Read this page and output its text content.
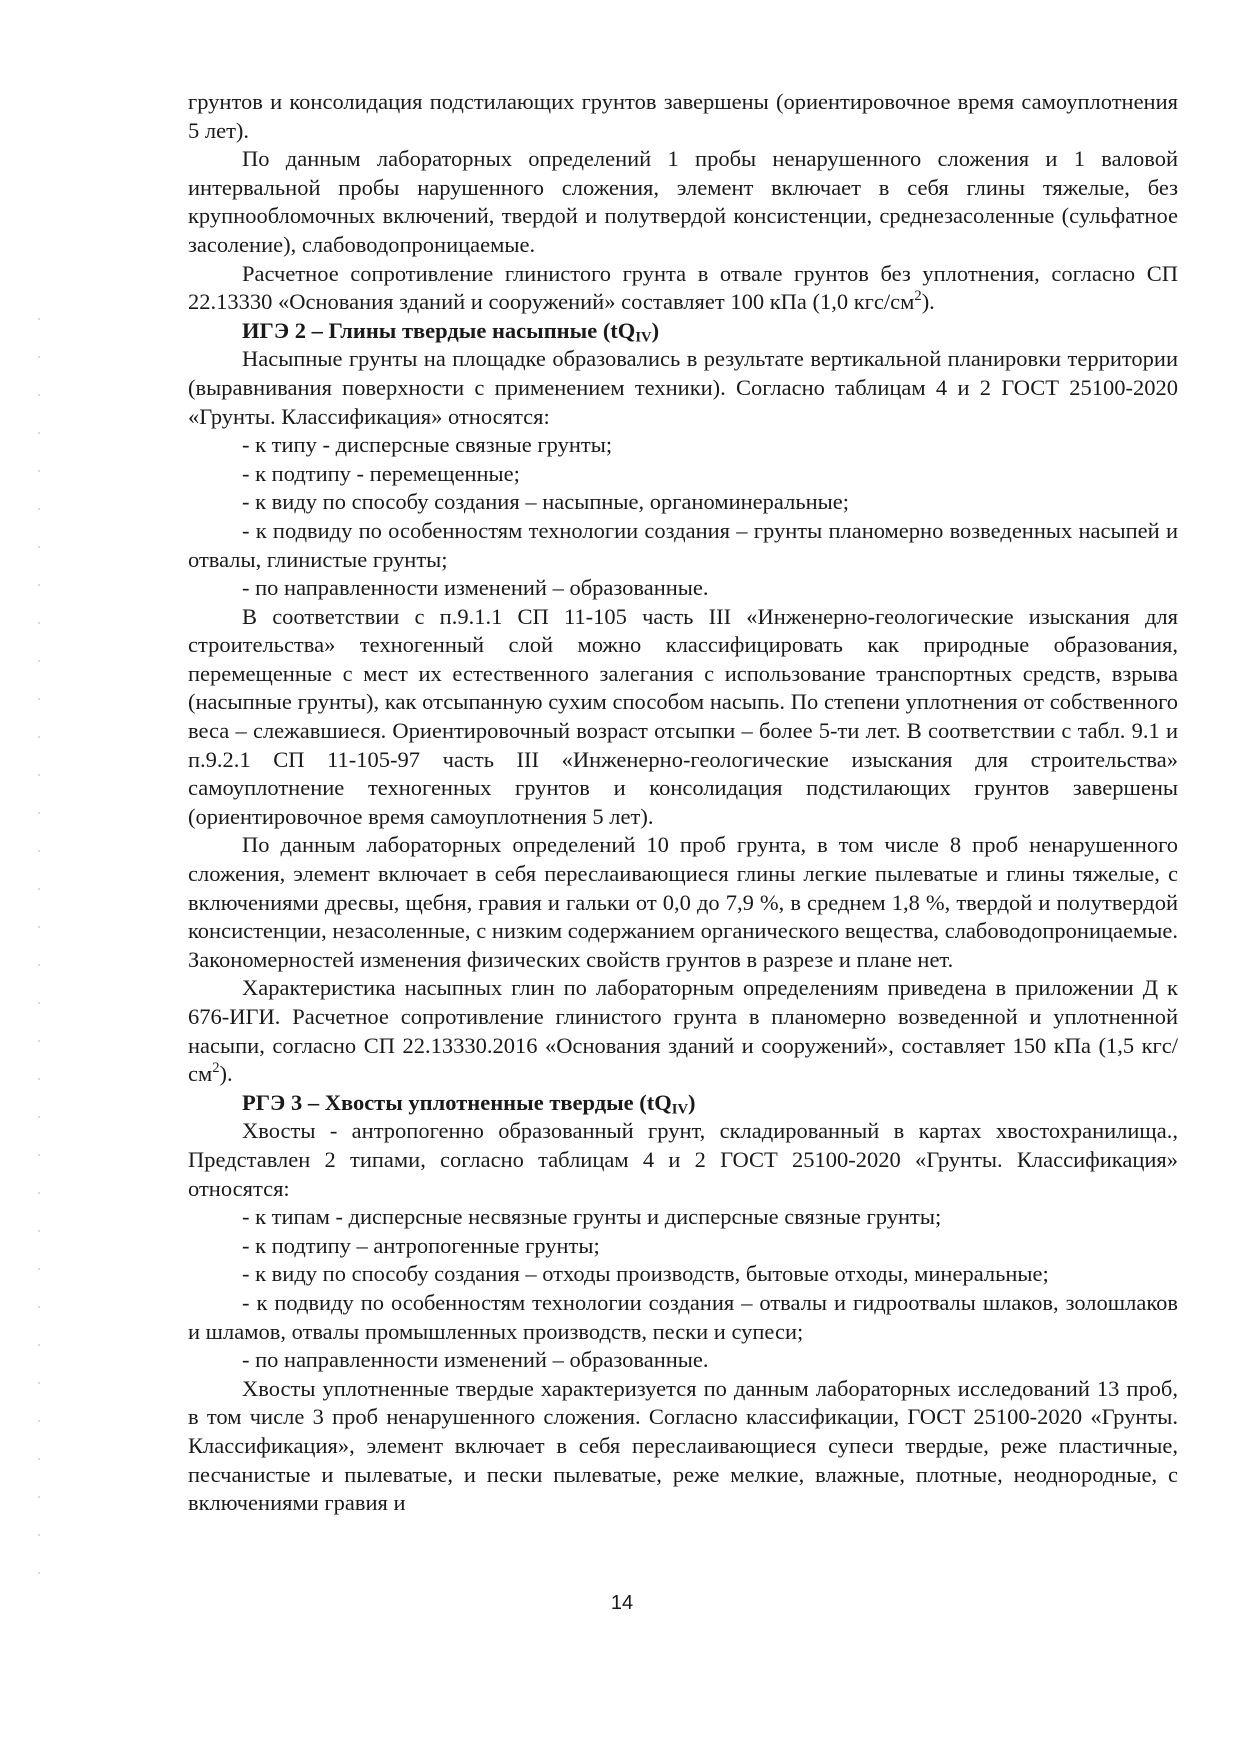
грунтов и консолидация подстилающих грунтов завершены (ориентировочное время самоуплотнения 5 лет).

По данным лабораторных определений 1 пробы ненарушенного сложения и 1 валовой интервальной пробы нарушенного сложения, элемент включает в себя глины тяжелые, без крупнообломочных включений, твердой и полутвердой консистенции, среднезасоленные (сульфатное засоление), слабоводопроницаемые.

Расчетное сопротивление глинистого грунта в отвале грунтов без уплотнения, согласно СП 22.13330 «Основания зданий и сооружений» составляет 100 кПа (1,0 кгс/$см^2$).

ИГЭ 2 – Глины твердые насыпные $(tQ_{IV})$

Насыпные грунты на площадке образовались в результате вертикальной планировки территории (выравнивания поверхности с применением техники). Согласно таблицам 4 и 2 ГОСТ 25100-2020 «Грунты. Классификация» относятся:

- к типу - дисперсные связные грунты;

- к подтипу - перемещенные;

- к виду по способу создания – насыпные, органоминеральные;

- к подвиду по особенностям технологии создания – грунты планомерно возведенных насыпей и отвалы, глинистые грунты;

- по направленности изменений – образованные.

В соответствии с п.9.1.1 СП 11-105 часть III «Инженерно-геологические изыскания для строительства» техногенный слой можно классифицировать как природные образования, перемещенные с мест их естественного залегания с использование транспортных средств, взрыва (насыпные грунты), как отсыпанную сухим способом насыпь. По степени уплотнения от собственного веса – слежавшиеся. Ориентировочный возраст отсыпки – более 5-ти лет. В соответствии с табл. 9.1 и п.9.2.1 СП 11-105-97 часть III «Инженерно-геологические изыскания для строительства» самоуплотнение техногенных грунтов и консолидация подстилающих грунтов завершены (ориентировочное время самоуплотнения 5 лет).

По данным лабораторных определений 10 проб грунта, в том числе 8 проб ненарушенного сложения, элемент включает в себя переслаивающиеся глины легкие пылеватые и глины тяжелые, с включениями дресвы, щебня, гравия и гальки от 0,0 до 7,9 %, в среднем 1,8 %, твердой и полутвердой консистенции, незасоленные, с низким содержанием органического вещества, слабоводопроницаемые. Закономерностей изменения физических свойств грунтов в разрезе и плане нет.

Характеристика насыпных глин по лабораторным определениям приведена в приложении Д к 676-ИГИ. Расчетное сопротивление глинистого грунта в планомерно возведенной и уплотненной насыпи, согласно СП 22.13330.2016 «Основания зданий и сооружений», составляет 150 кПа (1,5 кгс/$см^2$).

РГЭ 3 – Хвосты уплотненные твердые $(tQ_{IV})$

Хвосты - антропогенно образованный грунт, складированный в картах хвостохранилища., Представлен 2 типами, согласно таблицам 4 и 2 ГОСТ 25100-2020 «Грунты. Классификация» относятся:

- к типам - дисперсные несвязные грунты и дисперсные связные грунты;

- к подтипу – антропогенные грунты;

- к виду по способу создания – отходы производств, бытовые отходы, минеральные;

- к подвиду по особенностям технологии создания – отвалы и гидроотвалы шлаков, золошлаков и шламов, отвалы промышленных производств, пески и супеси;

- по направленности изменений – образованные.

Хвосты уплотненные твердые характеризуется по данным лабораторных исследований 13 проб, в том числе 3 проб ненарушенного сложения. Согласно классификации, ГОСТ 25100-2020 «Грунты. Классификация», элемент включает в себя переслаивающиеся супеси твердые, реже пластичные, песчанистые и пылеватые, и пески пылеватые, реже мелкие, влажные, плотные, неоднородные, с включениями гравия и

14
